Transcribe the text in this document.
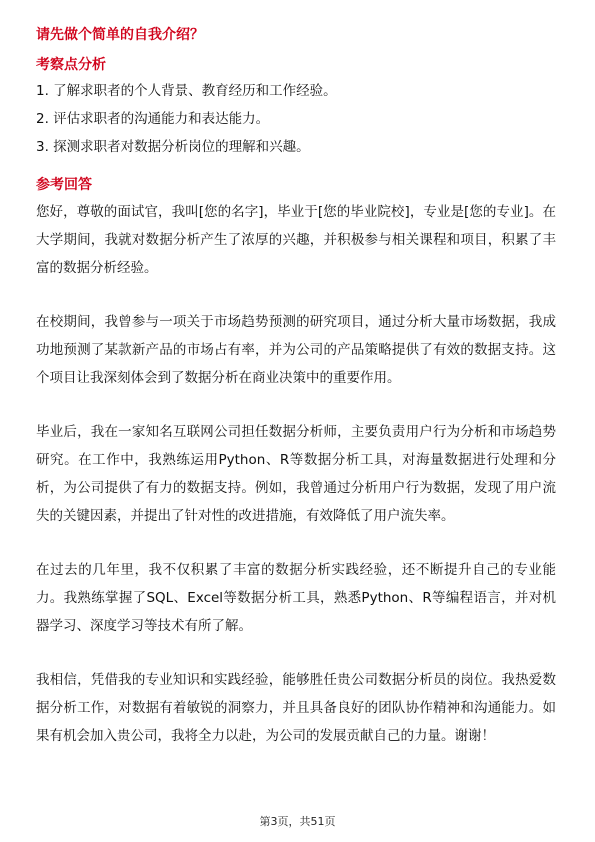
请先做个简单的自我介绍？
考察点分析
1. 了解求职者的个人背景、教育经历和工作经验。
2. 评估求职者的沟通能力和表达能力。
3. 探测求职者对数据分析岗位的理解和兴趣。
参考回答

您好，尊敬的面试官，我叫[您的名字]，毕业于[您的毕业院校]，专业是[您的专业]。在大学期间，我就对数据分析产生了浓厚的兴趣，并积极参与相关课程和项目，积累了丰富的数据分析经验。

在校期间，我曾参与一项关于市场趋势预测的研究项目，通过分析大量市场数据，我成功地预测了某款新产品的市场占有率，并为公司的产品策略提供了有效的数据支持。这个项目让我深刻体会到了数据分析在商业决策中的重要作用。

毕业后，我在一家知名互联网公司担任数据分析师，主要负责用户行为分析和市场趋势研究。在工作中，我熟练运用Python、R等数据分析工具，对海量数据进行处理和分析，为公司提供了有力的数据支持。例如，我曾通过分析用户行为数据，发现了用户流失的关键因素，并提出了针对性的改进措施，有效降低了用户流失率。

在过去的几年里，我不仅积累了丰富的数据分析实践经验，还不断提升自己的专业能力。我熟练掌握了SQL、Excel等数据分析工具，熟悉Python、R等编程语言，并对机器学习、深度学习等技术有所了解。

我相信，凭借我的专业知识和实践经验，能够胜任贵公司数据分析员的岗位。我热爱数据分析工作，对数据有着敏锐的洞察力，并且具备良好的团队协作精神和沟通能力。如果有机会加入贵公司，我将全力以赴，为公司的发展贡献自己的力量。谢谢！

第3页，共51页
